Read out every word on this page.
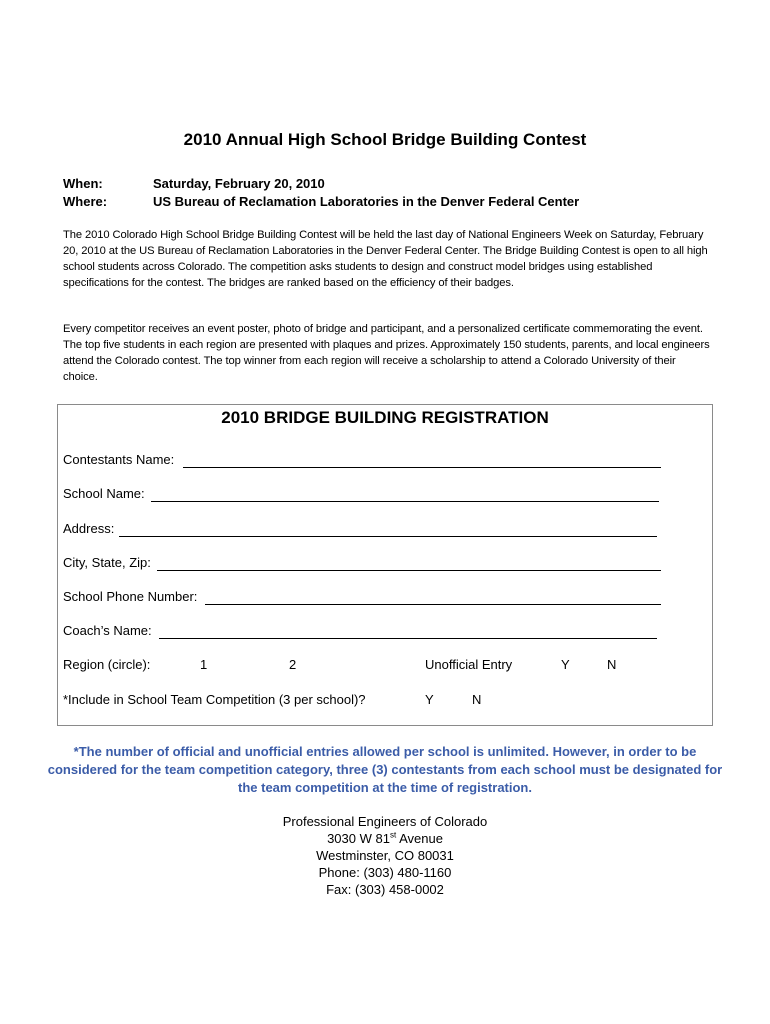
2010 Annual High School Bridge Building Contest
When:	Saturday, February 20, 2010
Where:	US Bureau of Reclamation Laboratories in the Denver Federal Center
The 2010 Colorado High School Bridge Building Contest will be held the last day of National Engineers Week on Saturday, February 20, 2010 at the US Bureau of Reclamation Laboratories in the Denver Federal Center. The Bridge Building Contest is open to all high school students across Colorado. The competition asks students to design and construct model bridges using established specifications for the contest. The bridges are ranked based on the efficiency of their badges.
Every competitor receives an event poster, photo of bridge and participant, and a personalized certificate commemorating the event. The top five students in each region are presented with plaques and prizes. Approximately 150 students, parents, and local engineers attend the Colorado contest. The top winner from each region will receive a scholarship to attend a Colorado University of their choice.
2010 BRIDGE BUILDING REGISTRATION
Contestants Name:
School Name:
Address:
City, State, Zip:
School Phone Number:
Coach’s Name:
Region (circle):	1	2	Unofficial Entry	Y	N
*Include in School Team Competition (3 per school)?	Y	N
*The number of official and unofficial entries allowed per school is unlimited. However, in order to be considered for the team competition category, three (3) contestants from each school must be designated for the team competition at the time of registration.
Professional Engineers of Colorado
3030 W 81st Avenue
Westminster, CO 80031
Phone: (303) 480-1160
Fax: (303) 458-0002
